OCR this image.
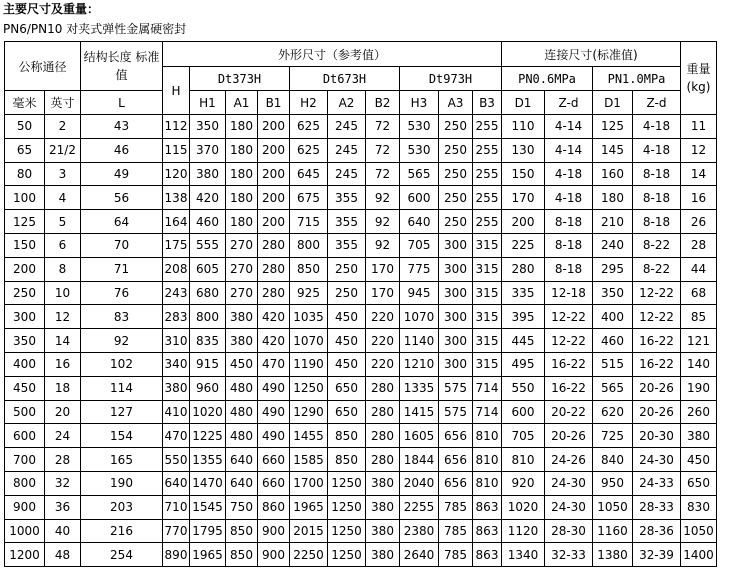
主要尺寸及重量：
PN6/PN10 对夹式弹性金属硬密封
公称通径		结构长度 标准值	外形尺寸（参考值）										连接尺寸(标准值)				重量 (kg)
			H	Dt373H			Dt673H			Dt973H			PN0.6MPa		PN1.0MPa		
毫米	英寸	L		H1	A1	B1	H2	A2	B2	H3	A3	B3	D1	Z-d	D1	Z-d	
50	2	43	112	350	180	200	625	245	72	530	250	255	110	4-14	125	4-18	11
65	21/2	46	115	370	180	200	625	245	72	530	250	255	130	4-14	145	4-18	12
80	3	49	120	380	180	200	645	245	72	565	250	255	150	4-18	160	8-18	14
100	4	56	138	420	180	200	675	355	92	600	250	255	170	4-18	180	8-18	16
125	5	64	164	460	180	200	715	355	92	640	250	255	200	8-18	210	8-18	26
150	6	70	175	555	270	280	800	355	92	705	300	315	225	8-18	240	8-22	28
200	8	71	208	605	270	280	850	250	170	775	300	315	280	8-18	295	8-22	44
250	10	76	243	680	270	280	925	250	170	945	300	315	335	12-18	350	12-22	68
300	12	83	283	800	380	420	1035	450	220	1070	300	315	395	12-22	400	12-22	85
350	14	92	310	835	380	420	1070	450	220	1140	300	315	445	12-22	460	16-22	121
400	16	102	340	915	450	470	1190	450	220	1210	300	315	495	16-22	515	16-22	140
450	18	114	380	960	480	490	1250	650	280	1335	575	714	550	16-22	565	20-26	190
500	20	127	410	1020	480	490	1290	650	280	1415	575	714	600	20-22	620	20-26	260
600	24	154	470	1225	480	490	1455	850	280	1605	656	810	705	20-26	725	20-30	380
700	28	165	550	1355	640	660	1585	850	280	1844	656	810	810	24-26	840	24-30	450
800	32	190	640	1470	640	660	1700	1250	380	2040	656	810	920	24-30	950	24-33	650
900	36	203	710	1545	750	860	1965	1250	380	2255	785	863	1020	24-30	1050	28-33	830
1000	40	216	770	1795	850	900	2015	1250	380	2380	785	863	1120	28-30	1160	28-36	1050
1200	48	254	890	1965	850	900	2250	1250	380	2640	785	863	1340	32-33	1380	32-39	1400
